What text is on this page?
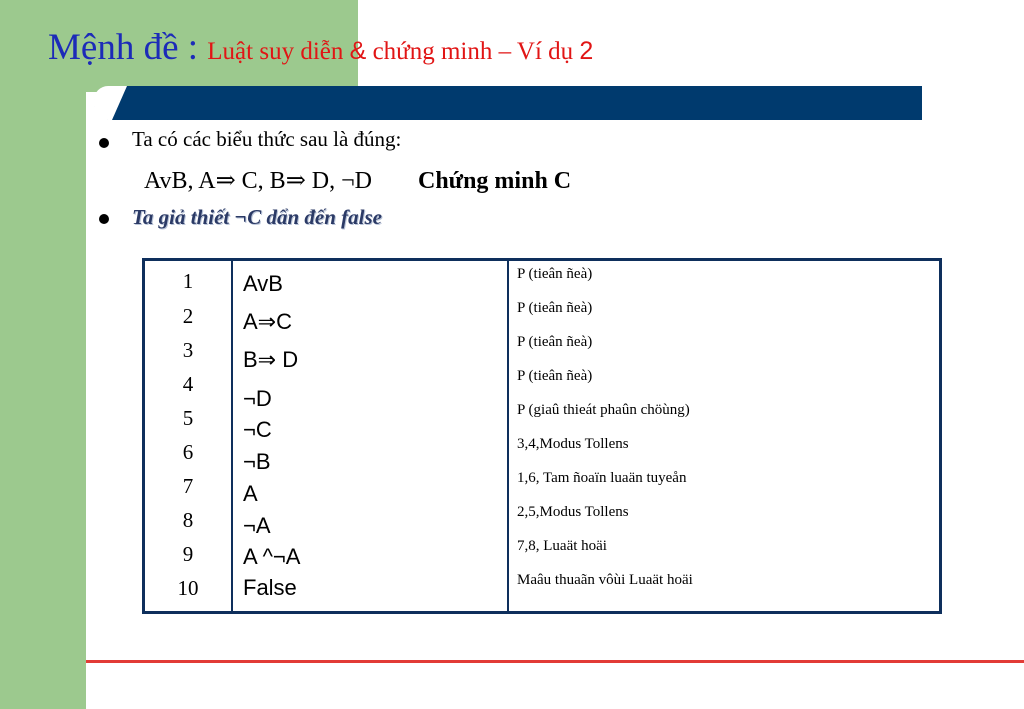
Mệnh đề : Luật suy diễn & chứng minh – Ví dụ 2
Ta có các biểu thức sau là đúng:
AvB, A⇒ C, B⇒ D, ¬D Chứng minh C
Ta giả thiết ¬C dẩn đến false
1
2
3
4
5
6
7
8
9
10
AvB
A⇒C
B⇒ D
¬D
¬C
¬B
A
¬A
A ^¬A
False
P (tieân ñeà)
P (tieân ñeà)
P (tieân ñeà)
P (tieân ñeà)
P (giaû thieát phaûn chöùng)
3,4,Modus Tollens
1,6, Tam ñoaïn luaän tuyeån
2,5,Modus Tollens
7,8, Luaät hoäi
Maâu thuaãn vôùi Luaät hoäi
